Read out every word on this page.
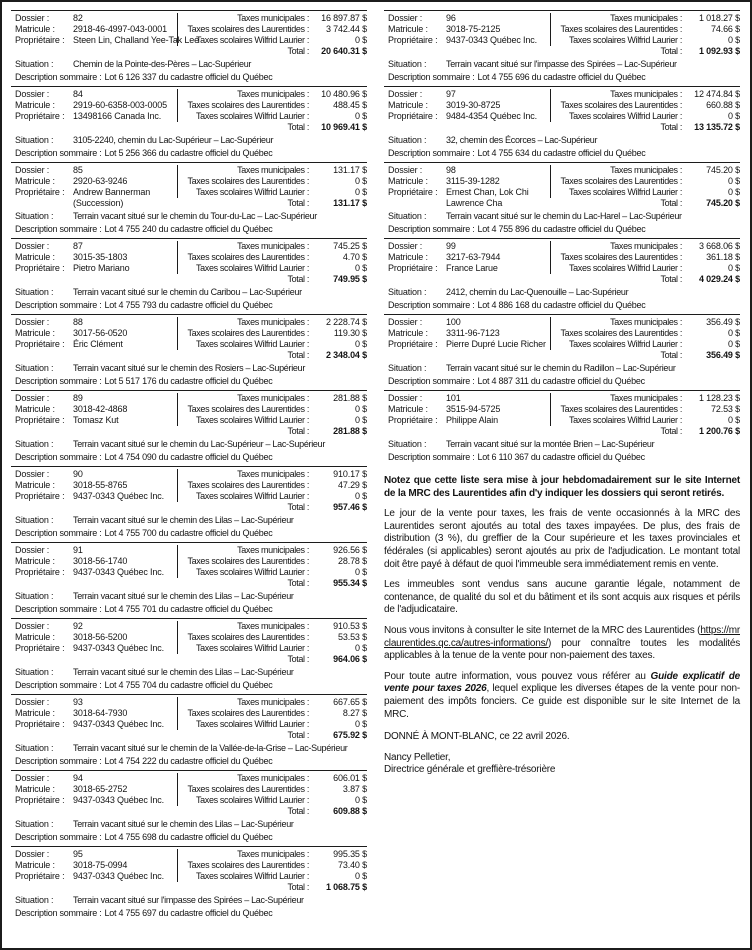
Dossier :	82
Matricule :	2918-46-4997-043-0001
Propriétaire : Steen Lin, Challand Yee-Tak Lee
Taxes municipales :	16 897.87 $
Taxes scolaires des Laurentides :	3 742.44 $
Taxes scolaires Wilfrid Laurier :	0 $
Total :	20 640.31 $
Situation :	Chemin de la Pointe-des-Pères – Lac-Supérieur
Description sommaire : Lot 6 126 337 du cadastre officiel du Québec
Dossier :	84
Matricule :	2919-60-6358-003-0005
Propriétaire : 13498166 Canada Inc.
Taxes municipales :	10 480.96 $
Taxes scolaires des Laurentides :	488.45 $
Taxes scolaires Wilfrid Laurier :	0 $
Total :	10 969.41 $
Situation :	3105-2240, chemin du Lac-Supérieur – Lac-Supérieur
Description sommaire : Lot 5 256 366 du cadastre officiel du Québec
Dossier :	85
Matricule :	2920-63-9246
Propriétaire : Andrew Bannerman
(Succession)
Taxes municipales :	131.17 $
Taxes scolaires des Laurentides :	0 $
Taxes scolaires Wilfrid Laurier :	0 $
Total :	131.17 $
Situation :	Terrain vacant situé sur le chemin du Tour-du-Lac – Lac-Supérieur
Description sommaire : Lot 4 755 240 du cadastre officiel du Québec
Dossier :	87
Matricule :	3015-35-1803
Propriétaire : Pietro Mariano
Taxes municipales :	745.25 $
Taxes scolaires des Laurentides :	4.70 $
Taxes scolaires Wilfrid Laurier :	0 $
Total :	749.95 $
Situation :	Terrain vacant situé sur le chemin du Caribou – Lac-Supérieur
Description sommaire : Lot 4 755 793 du cadastre officiel du Québec
Dossier :	88
Matricule :	3017-56-0520
Propriétaire : Éric Clément
Taxes municipales :	2 228.74 $
Taxes scolaires des Laurentides :	119.30 $
Taxes scolaires Wilfrid Laurier :	0 $
Total :	2 348.04 $
Situation :	Terrain vacant situé sur le chemin des Rosiers – Lac-Supérieur
Description sommaire : Lot 5 517 176 du cadastre officiel du Québec
Dossier :	89
Matricule :	3018-42-4868
Propriétaire : Tomasz Kut
Taxes municipales :	281.88 $
Taxes scolaires des Laurentides :	0 $
Taxes scolaires Wilfrid Laurier :	0 $
Total :	281.88 $
Situation :	Terrain vacant situé sur le chemin du Lac-Supérieur – Lac-Supérieur
Description sommaire : Lot 4 754 090 du cadastre officiel du Québec
Dossier :	90
Matricule :	3018-55-8765
Propriétaire : 9437-0343 Québec Inc.
Taxes municipales :	910.17 $
Taxes scolaires des Laurentides :	47.29 $
Taxes scolaires Wilfrid Laurier :	0 $
Total :	957.46 $
Situation :	Terrain vacant situé sur le chemin des Lilas – Lac-Supérieur
Description sommaire : Lot 4 755 700 du cadastre officiel du Québec
Dossier :	91
Matricule :	3018-56-1740
Propriétaire : 9437-0343 Québec Inc.
Taxes municipales :	926.56 $
Taxes scolaires des Laurentides :	28.78 $
Taxes scolaires Wilfrid Laurier :	0 $
Total :	955.34 $
Situation :	Terrain vacant situé sur le chemin des Lilas – Lac-Supérieur
Description sommaire : Lot 4 755 701 du cadastre officiel du Québec
Dossier :	92
Matricule :	3018-56-5200
Propriétaire : 9437-0343 Québec Inc.
Taxes municipales :	910.53 $
Taxes scolaires des Laurentides :	53.53 $
Taxes scolaires Wilfrid Laurier :	0 $
Total :	964.06 $
Situation :	Terrain vacant situé sur le chemin des Lilas – Lac-Supérieur
Description sommaire : Lot 4 755 704 du cadastre officiel du Québec
Dossier :	93
Matricule :	3018-64-7930
Propriétaire : 9437-0343 Québec Inc.
Taxes municipales :	667.65 $
Taxes scolaires des Laurentides :	8.27 $
Taxes scolaires Wilfrid Laurier :	0 $
Total :	675.92 $
Situation :	Terrain vacant situé sur le chemin de la Vallée-de-la-Grise – Lac-Supérieur
Description sommaire : Lot 4 754 222 du cadastre officiel du Québec
Dossier :	94
Matricule :	3018-65-2752
Propriétaire : 9437-0343 Québec Inc.
Taxes municipales :	606.01 $
Taxes scolaires des Laurentides :	3.87 $
Taxes scolaires Wilfrid Laurier :	0 $
Total :	609.88 $
Situation :	Terrain vacant situé sur le chemin des Lilas – Lac-Supérieur
Description sommaire : Lot 4 755 698 du cadastre officiel du Québec
Dossier :	95
Matricule :	3018-75-0994
Propriétaire : 9437-0343 Québec Inc.
Taxes municipales :	995.35 $
Taxes scolaires des Laurentides :	73.40 $
Taxes scolaires Wilfrid Laurier :	0 $
Total :	1 068.75 $
Situation :	Terrain vacant situé sur l'impasse des Spirées – Lac-Supérieur
Description sommaire : Lot 4 755 697 du cadastre officiel du Québec
Dossier :	96
Matricule :	3018-75-2125
Propriétaire : 9437-0343 Québec Inc.
Taxes municipales :	1 018.27 $
Taxes scolaires des Laurentides :	74.66 $
Taxes scolaires Wilfrid Laurier :	0 $
Total :	1 092.93 $
Situation :	Terrain vacant situé sur l'impasse des Spirées – Lac-Supérieur
Description sommaire : Lot 4 755 696 du cadastre officiel du Québec
Dossier :	97
Matricule :	3019-30-8725
Propriétaire : 9484-4354 Québec Inc.
Taxes municipales :	12 474.84 $
Taxes scolaires des Laurentides :	660.88 $
Taxes scolaires Wilfrid Laurier :	0 $
Total :	13 135.72 $
Situation :	32, chemin des Écorces – Lac-Supérieur
Description sommaire : Lot 4 755 634 du cadastre officiel du Québec
Dossier :	98
Matricule :	3115-39-1282
Propriétaire : Ernest Chan, Lok Chi
Lawrence Cha
Taxes municipales :	745.20 $
Taxes scolaires des Laurentides :	0 $
Taxes scolaires Wilfrid Laurier :	0 $
Total :	745.20 $
Situation :	Terrain vacant situé sur le chemin du Lac-Harel – Lac-Supérieur
Description sommaire : Lot 4 755 896 du cadastre officiel du Québec
Dossier :	99
Matricule :	3217-63-7944
Propriétaire : France Larue
Taxes municipales :	3 668.06 $
Taxes scolaires des Laurentides :	361.18 $
Taxes scolaires Wilfrid Laurier :	0 $
Total :	4 029.24 $
Situation :	2412, chemin du Lac-Quenouille – Lac-Supérieur
Description sommaire : Lot 4 886 168 du cadastre officiel du Québec
Dossier :	100
Matricule :	3311-96-7123
Propriétaire : Pierre Dupré Lucie Richer
Taxes municipales :	356.49 $
Taxes scolaires des Laurentides :	0 $
Taxes scolaires Wilfrid Laurier :	0 $
Total :	356.49 $
Situation :	Terrain vacant situé sur le chemin du Radillon – Lac-Supérieur
Description sommaire : Lot 4 887 311 du cadastre officiel du Québec
Dossier :	101
Matricule :	3515-94-5725
Propriétaire : Philippe Alain
Taxes municipales :	1 128.23 $
Taxes scolaires des Laurentides :	72.53 $
Taxes scolaires Wilfrid Laurier :	0 $
Total :	1 200.76 $
Situation :	Terrain vacant situé sur la montée Brien – Lac-Supérieur
Description sommaire : Lot 6 110 367 du cadastre officiel du Québec

Notez que cette liste sera mise à jour hebdomadairement sur le site Internet de la MRC des Laurentides afin d'y indiquer les dossiers qui seront retirés.

Le jour de la vente pour taxes, les frais de vente occasionnés à la MRC des Laurentides seront ajoutés au total des taxes impayées. De plus, des frais de distribution (3 %), du greffier de la Cour supérieure et les taxes provinciales et fédérales (si applicables) seront ajoutés au prix de l'adjudication. Le montant total doit être payé à défaut de quoi l'immeuble sera immédiatement remis en vente.

Les immeubles sont vendus sans aucune garantie légale, notamment de contenance, de qualité du sol et du bâtiment et ils sont acquis aux risques et périls de l'adjudicataire.

Nous vous invitons à consulter le site Internet de la MRC des Laurentides (https://mrclaurentides.qc.ca/autres-informations/) pour connaître toutes les modalités applicables à la tenue de la vente pour non-paiement des taxes.

Pour toute autre information, vous pouvez vous référer au Guide explicatif de vente pour taxes 2026, lequel explique les diverses étapes de la vente pour non-paiement des impôts fonciers. Ce guide est disponible sur le site Internet de la MRC.

DONNÉ À MONT-BLANC, ce 22 avril 2026.

Nancy Pelletier,
Directrice générale et greffière-trésorière
